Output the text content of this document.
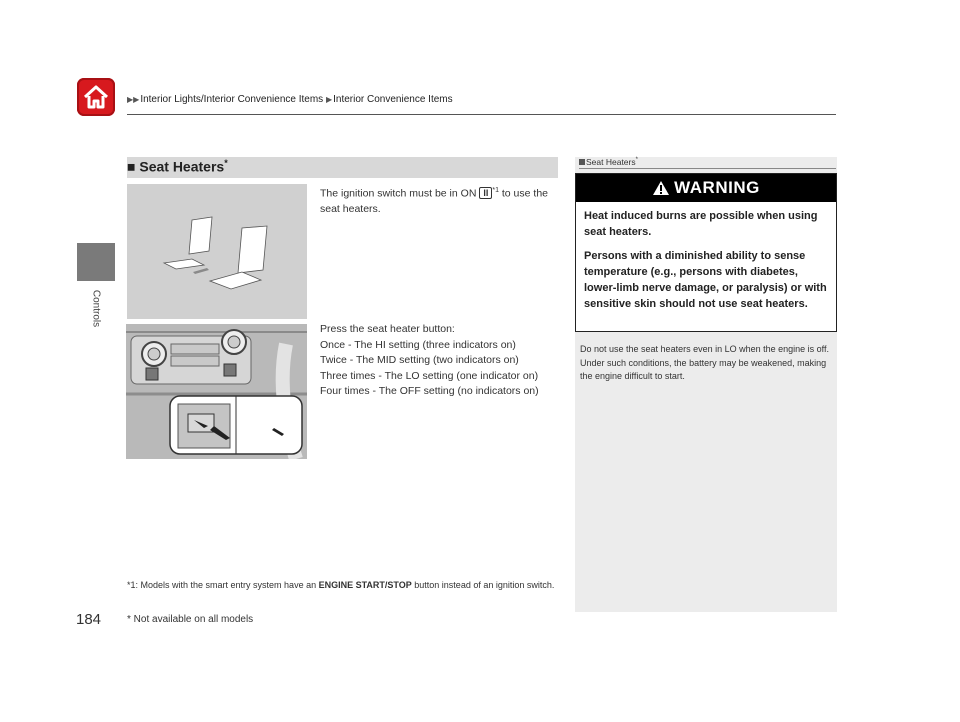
▶▶Interior Lights/Interior Convenience Items ▶Interior Convenience Items
Controls
184
■ Seat Heaters*
The ignition switch must be in ON II $^{*1}$ to use the seat heaters.
Press the seat heater button:
Once - The HI setting (three indicators on)
Twice - The MID setting (two indicators on)
Three times - The LO setting (one indicator on)
Four times - The OFF setting (no indicators on)
*1: Models with the smart entry system have an ENGINE START/STOP button instead of an ignition switch.
* Not available on all models
Seat Heaters*
WARNING

Heat induced burns are possible when using seat heaters.

Persons with a diminished ability to sense temperature (e.g., persons with diabetes, lower-limb nerve damage, or paralysis) or with sensitive skin should not use seat heaters.

Do not use the seat heaters even in LO when the engine is off. Under such conditions, the battery may be weakened, making the engine difficult to start.
